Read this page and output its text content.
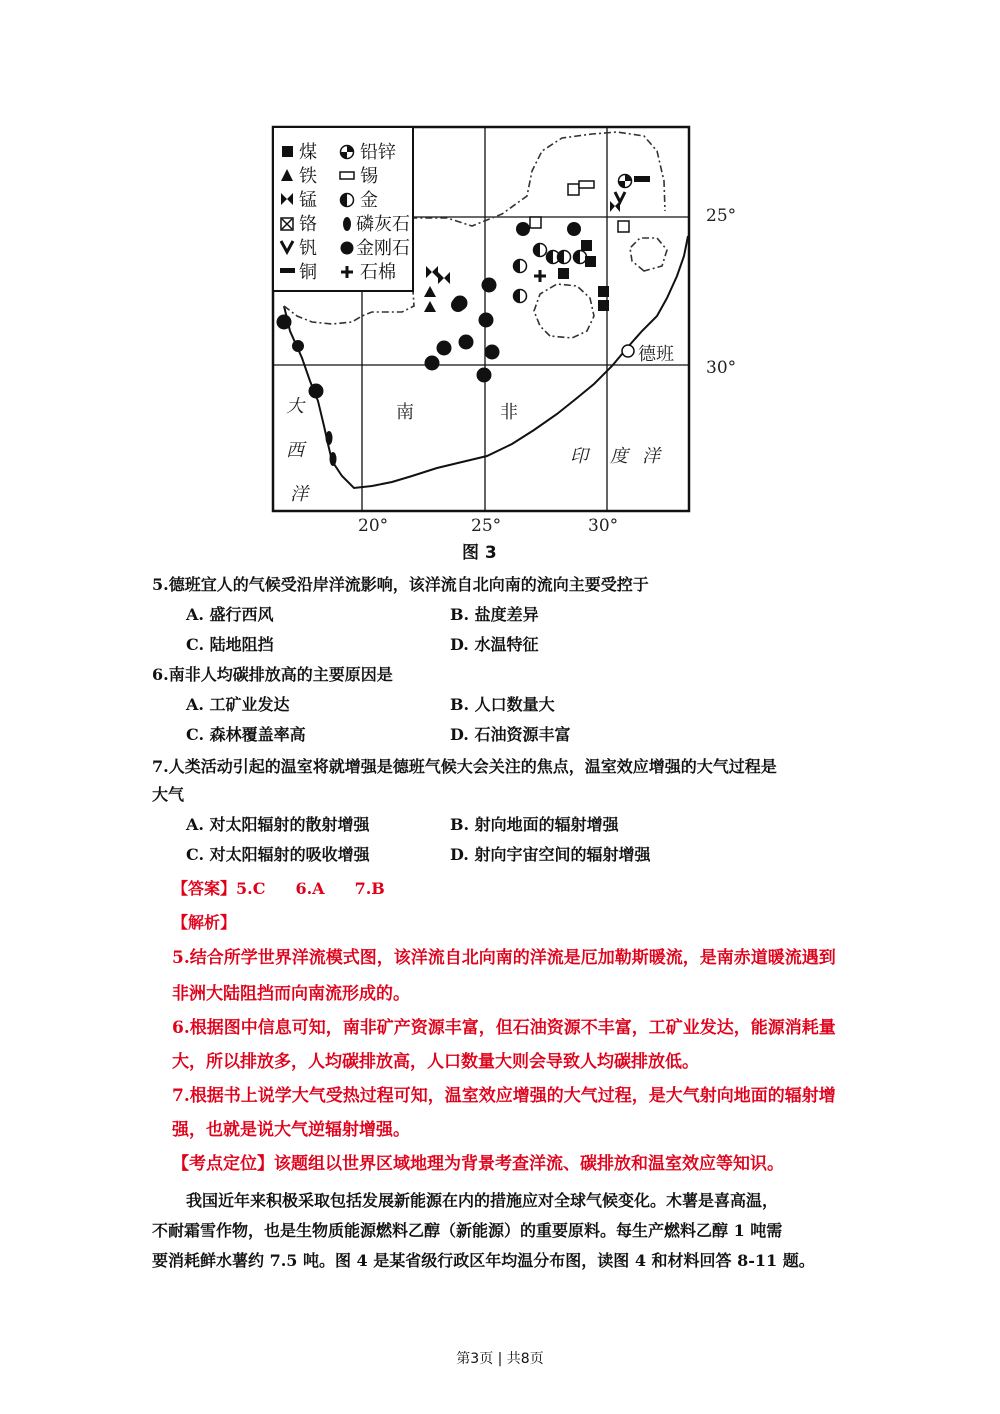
煤
铁
锰
铬
钒
铜
铅锌
锡
金
磷灰石
金刚石
石棉
25°
30°
20°	25°	30°
南	非
大
西
洋
印 度 洋
德班
图 3
5.德班宜人的气候受沿岸洋流影响，该洋流自北向南的流向主要受控于
A. 盛行西风	B. 盐度差异
C. 陆地阻挡	D. 水温特征
6.南非人均碳排放高的主要原因是
A. 工矿业发达	B. 人口数量大
C. 森林覆盖率高	D. 石油资源丰富
7.人类活动引起的温室将就增强是德班气候大会关注的焦点，温室效应增强的大气过程是
大气
A. 对太阳辐射的散射增强	B. 射向地面的辐射增强
C. 对太阳辐射的吸收增强	D. 射向宇宙空间的辐射增强
【答案】5.C 6.A 7.B
【解析】
5.结合所学世界洋流模式图，该洋流自北向南的洋流是厄加勒斯暖流，是南赤道暖流遇到
非洲大陆阻挡而向南流形成的。
6.根据图中信息可知，南非矿产资源丰富，但石油资源不丰富，工矿业发达，能源消耗量
大，所以排放多，人均碳排放高，人口数量大则会导致人均碳排放低。
7.根据书上说学大气受热过程可知，温室效应增强的大气过程，是大气射向地面的辐射增
强，也就是说大气逆辐射增强。
【考点定位】该题组以世界区域地理为背景考查洋流、碳排放和温室效应等知识。
我国近年来积极采取包括发展新能源在内的措施应对全球气候变化。木薯是喜高温，
不耐霜雪作物，也是生物质能源燃料乙醇（新能源）的重要原料。每生产燃料乙醇 1 吨需
要消耗鲜水薯约 7.5 吨。图 4 是某省级行政区年均温分布图，读图 4 和材料回答 8-11 题。
第3页 | 共8页
